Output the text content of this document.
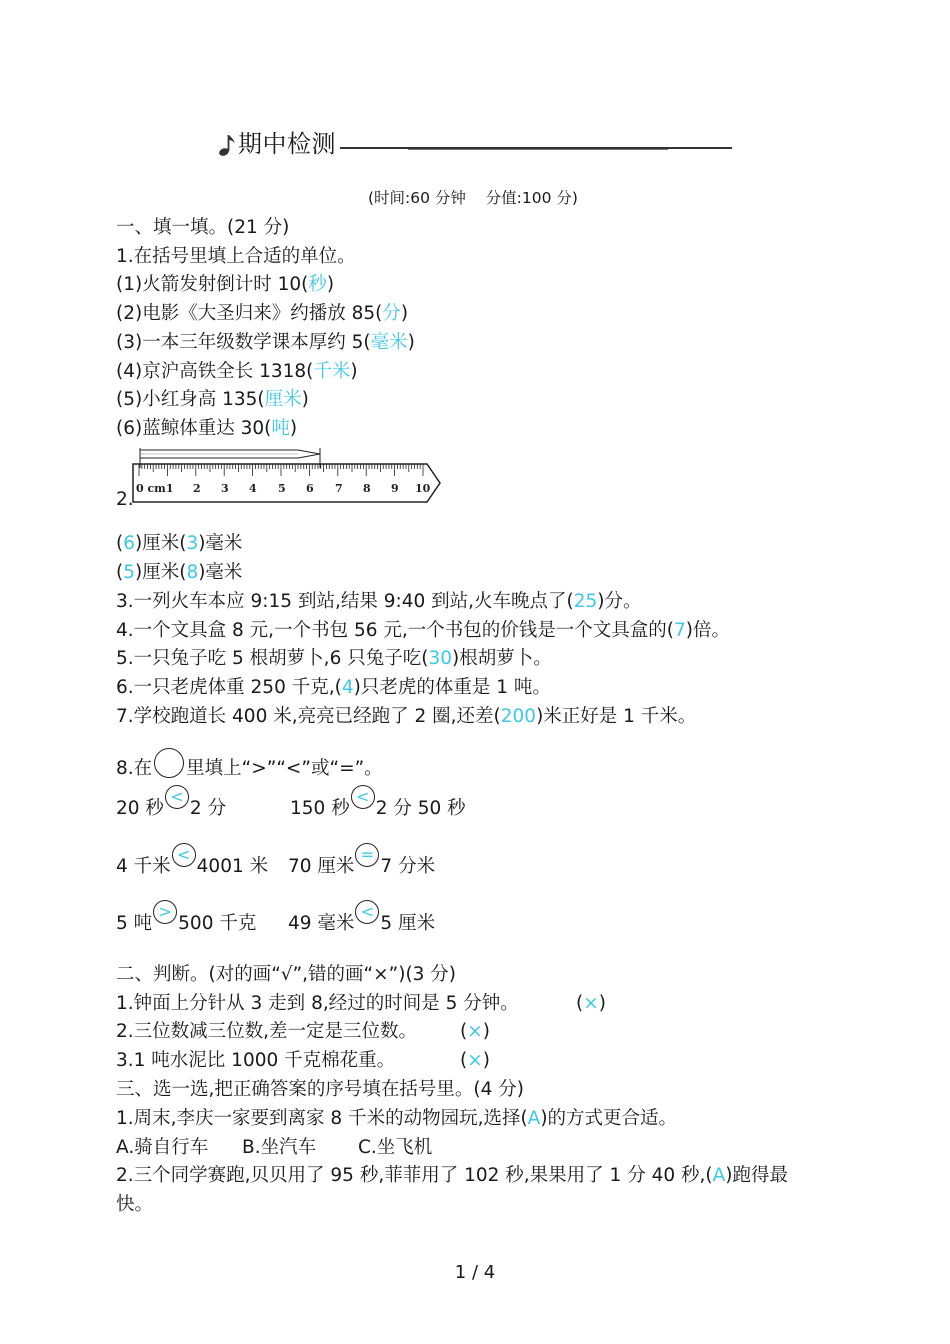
期中检测
(时间:60 分钟    分值:100 分)
一、填一填。(21 分)
1.在括号里填上合适的单位。
(1)火箭发射倒计时 10(秒)
(2)电影《大圣归来》约播放 85(分)
(3)一本三年级数学课本厚约 5(毫米)
(4)京沪高铁全长 1318(千米)
(5)小红身高 135(厘米)
(6)蓝鲸体重达 30(吨)
2.
0 cm1 2 3 4 5 6 7 8 9 10
(6)厘米(3)毫米
(5)厘米(8)毫米
3.一列火车本应 9:15 到站,结果 9:40 到站,火车晚点了(25)分。
4.一个文具盒 8 元,一个书包 56 元,一个书包的价钱是一个文具盒的(7)倍。
5.一只兔子吃 5 根胡萝卜,6 只兔子吃(30)根胡萝卜。
6.一只老虎体重 250 千克,(4)只老虎的体重是 1 吨。
7.学校跑道长 400 米,亮亮已经跑了 2 圈,还差(200)米正好是 1 千米。
8.在 里填上“>”“<”或“=”。
20 秒<2 分	150 秒<2 分 50 秒
4 千米<4001 米 70 厘米=7 分米
5 吨>500 千克 49 毫米<5 厘米
二、判断。(对的画“√”,错的画“×”)(3 分)
1.钟面上分针从 3 走到 8,经过的时间是 5 分钟。	(×)
2.三位数减三位数,差一定是三位数。 (×)
3.1 吨水泥比 1000 千克棉花重。	(×)
三、选一选,把正确答案的序号填在括号里。(4 分)
1.周末,李庆一家要到离家 8 千米的动物园玩,选择(A)的方式更合适。
A.骑自行车 B.坐汽车 C.坐飞机
2.三个同学赛跑,贝贝用了 95 秒,菲菲用了 102 秒,果果用了 1 分 40 秒,(A)跑得最
快。
1 / 4
